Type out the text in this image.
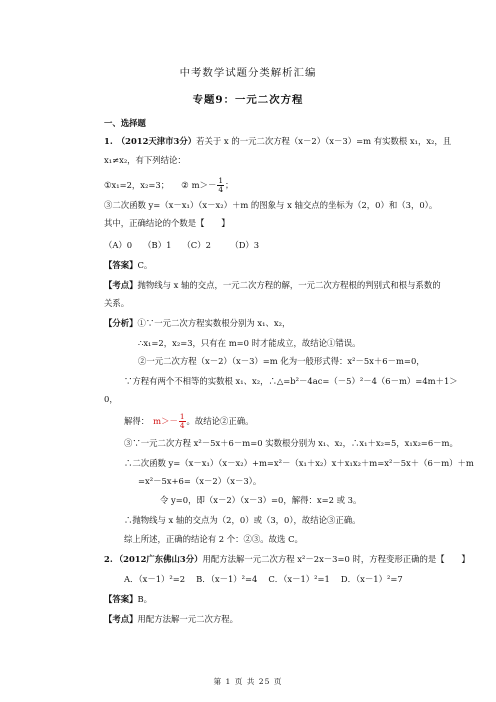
中考数学试题分类解析汇编
专题9：一元二次方程
一、选择题
1. （2012天津市3分）若关于 x 的一元二次方程（x－2）（x－3）=m 有实数根 x₁，x₂，且
x₁≠x₂，有下列结论：
①x₁=2，x₂=3； ② $m>- \frac{1}{4}$ ；
③二次函数 y=（x－x₁）（x－x₂）＋m 的图象与 x 轴交点的坐标为（2，0）和（3，0）。
其中，正确结论的个数是【　　】
（A）0　 （B）1　 （C）2　　 （D）3
【答案】C。
【考点】抛物线与 x 轴的交点，一元二次方程的解，一元二次方程根的判别式和根与系数的
关系。
【分析】①∵一元二次方程实数根分别为 x₁、x₂，
∴x₁=2，x₂=3，只有在 m=0 时才能成立，故结论①错误。
②一元二次方程（x－2）（x－3）=m 化为一般形式得：x²－5x＋6－m=0，
∵方程有两个不相等的实数根 x₁、x₂，∴△=b²－4ac=（－5）²－4（6－m）=4m＋1＞
0，
解得： $m>- \frac{1}{4}$ 。故结论②正确。
③∵一元二次方程 x²－5x＋6－m=0 实数根分别为 x₁、x₂，∴x₁＋x₂=5，x₁x₂=6－m。
∴二次函数 y=（x－x₁）（x－x₂）+m=x²－（x₁＋x₂）x＋x₁x₂＋m=x²－5x＋（6－m）＋m
=x²－5x+6=（x－2）（x－3）。
令 y=0，即（x－2）（x－3）=0，解得：x=2 或 3。
∴抛物线与 x 轴的交点为（2，0）或（3，0），故结论③正确。
综上所述，正确的结论有 2 个：②③。故选 C。
2. （2012广东佛山3分）用配方法解一元二次方程 x²－2x－3=0 时，方程变形正确的是【　　】
A．（x－1）²=2　 B．（x－1）²=4　 C．（x－1）²=1　 D．（x－1）²=7
【答案】B。
【考点】用配方法解一元二次方程。
第 1 页 共 25 页
